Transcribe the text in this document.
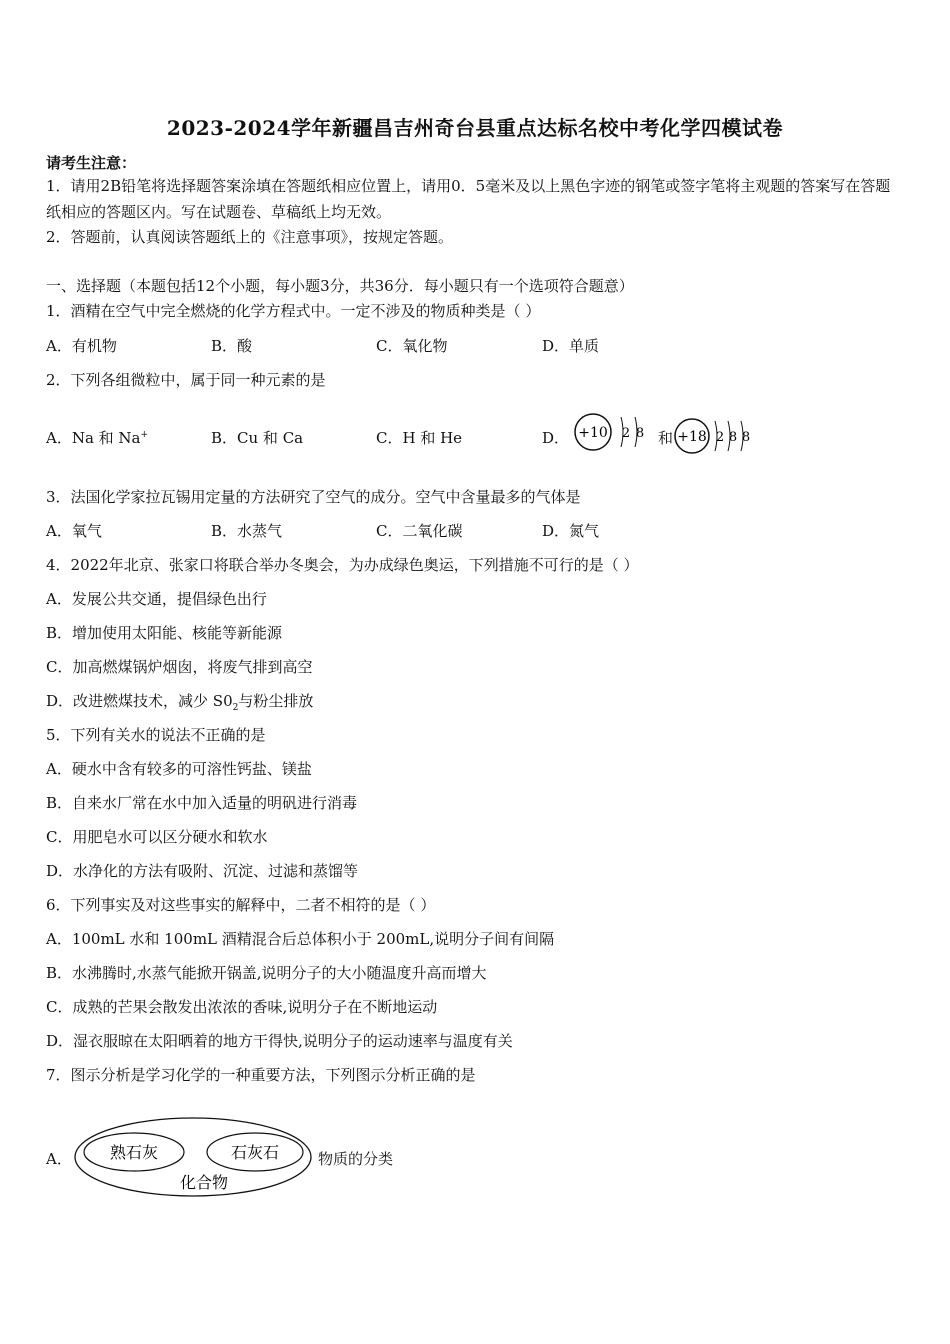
2023-2024学年新疆昌吉州奇台县重点达标名校中考化学四模试卷
请考生注意：
1．请用2B铅笔将选择题答案涂填在答题纸相应位置上，请用0．5毫米及以上黑色字迹的钢笔或签字笔将主观题的答案写在答题纸相应的答题区内。写在试题卷、草稿纸上均无效。
2．答题前，认真阅读答题纸上的《注意事项》，按规定答题。
一、选择题（本题包括12个小题，每小题3分，共36分．每小题只有一个选项符合题意）
1．酒精在空气中完全燃烧的化学方程式中。一定不涉及的物质种类是（ ）
A．有机物	B．酸	C．氧化物	D．单质
2．下列各组微粒中，属于同一种元素的是
A．Na 和 Na+	B．Cu 和 Ca	C．H 和 He	D． +10 2 8 和 +18 2 8 8
3．法国化学家拉瓦锡用定量的方法研究了空气的成分。空气中含量最多的气体是
A．氧气	B．水蒸气	C．二氧化碳	D．氮气
4．2022年北京、张家口将联合举办冬奥会，为办成绿色奥运，下列措施不可行的是（ ）
A．发展公共交通，提倡绿色出行
B．增加使用太阳能、核能等新能源
C．加高燃煤锅炉烟囱，将废气排到高空
D．改进燃煤技术，减少 $S0_2$与粉尘排放
5．下列有关水的说法不正确的是
A．硬水中含有较多的可溶性钙盐、镁盐
B．自来水厂常在水中加入适量的明矾进行消毒
C．用肥皂水可以区分硬水和软水
D．水净化的方法有吸附、沉淀、过滤和蒸馏等
6．下列事实及对这些事实的解释中，二者不相符的是（ ）
A．100mL 水和 100mL 酒精混合后总体积小于 200mL,说明分子间有间隔
B．水沸腾时,水蒸气能掀开锅盖,说明分子的大小随温度升高而增大
C．成熟的芒果会散发出浓浓的香味,说明分子在不断地运动
D．湿衣服晾在太阳晒着的地方干得快,说明分子的运动速率与温度有关
7．图示分析是学习化学的一种重要方法，下列图示分析正确的是
A． 熟石灰	石灰石
化合物
物质的分类
